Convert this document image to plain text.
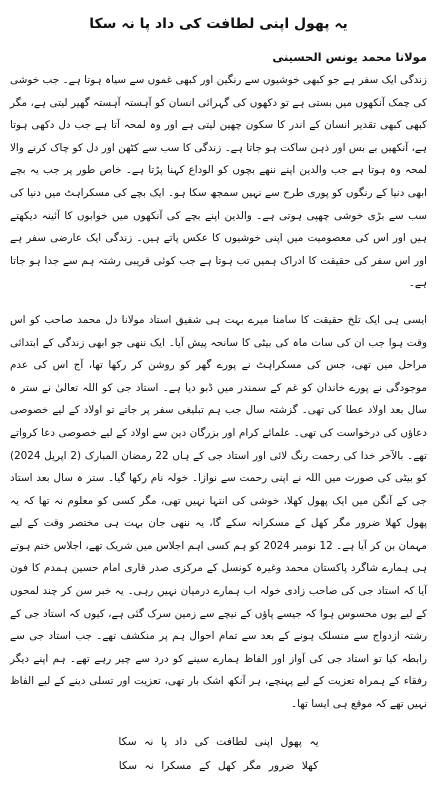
یہ پھول اپنی لطافت کی داد پا نہ سکا
مولانا محمد یونس الحسینی
زندگی ایک سفر ہے جو کبھی خوشیوں سے رنگین اور کبھی غموں سے سیاہ ہوتا ہے۔ جب خوشی کی چمک آنکھوں میں بستی ہے تو دکھوں کی گہرائی انسان کو آہستہ آہستہ گھیر لیتی ہے، مگر کبھی کبھی تقدیر انسان کے اندر کا سکون چھین لیتی ہے اور وہ لمحہ آتا ہے جب دل دکھی ہوتا ہے، آنکھیں بے بس اور ذہن ساکت ہو جاتا ہے۔ زندگی کا سب سے کٹھن اور دل کو چاک کرنے والا لمحہ وہ ہوتا ہے جب والدین اپنے ننھے بچوں کو الوداع کہنا پڑتا ہے۔ خاص طور پر جب یہ بچے ابھی دنیا کے رنگوں کو پوری طرح سے نہیں سمجھ سکا ہو۔ ایک بچے کی مسکراہٹ میں دنیا کی سب سے بڑی خوشی چھپی ہوتی ہے۔ والدین اپنے بچے کی آنکھوں میں خوابوں کا آئینہ دیکھتے ہیں اور اس کی معصومیت میں اپنی خوشیوں کا عکس پاتے ہیں۔ زندگی ایک عارضی سفر ہے اور اس سفر کی حقیقت کا ادراک ہمیں تب ہوتا ہے جب کوئی قریبی رشتہ ہم سے جدا ہو جاتا ہے۔
ایسی ہی ایک تلخ حقیقت کا سامنا میرے بہت ہی شفیق استاد مولانا دل محمد صاحب کو اس وقت ہوا جب ان کی سات ماہ کی بیٹی کا سانحہ پیش آیا۔ ایک ننھی جو ابھی زندگی کے ابتدائی مراحل میں تھی، جس کی مسکراہٹ نے پورے گھر کو روشن کر رکھا تھا، آج اس کی عدم موجودگی نے پورے خاندان کو غم کے سمندر میں ڈبو دیا ہے۔ استاد جی کو اللہ تعالیٰ نے ستر ہ سال بعد اولاد عطا کی تھی۔ گزشتہ سال جب ہم تبلیغی سفر پر جاتے تو اولاد کے لیے خصوصی دعاؤں کی درخواست کی تھی۔ علمائے کرام اور بزرگان دین سے اولاد کے لیے خصوصی دعا کرواتے تھے۔ بالآخر خدا کی رحمت رنگ لائی اور استاد جی کے ہاں 22 رمضان المبارک (2 اپریل 2024) کو بیٹی کی صورت میں اللہ نے اپنی رحمت سے نوازا۔ خولہ نام رکھا گیا۔ ستر ہ سال بعد استاد جی کے آنگن میں ایک پھول کھلا، خوشی کی انتہا نہیں تھی، مگر کسی کو معلوم نہ تھا کہ یہ پھول کھلا ضرور مگر کھل کے مسکرانہ سکے گا، یہ ننھی جان بہت ہی مختصر وقت کے لیے مہمان بن کر آیا ہے۔ 12 نومبر 2024 کو ہم کسی اہم اجلاس میں شریک تھے، اجلاس ختم ہوتے ہی ہمارے شاگرد پاکستان محمد وغیرہ کونسل کے مرکزی صدر قاری امام حسین ہمدم کا فون آیا کہ استاد جی کی صاحب زادی خولہ اب ہمارے درمیان نہیں رہی۔ یہ خبر سن کر چند لمحوں کے لیے یوں محسوس ہوا کہ جیسے پاؤں کے نیچے سے زمین سرک گئی ہے، کیوں کہ استاد جی کے رشتہ ازدواج سے منسلک ہونے کے بعد سے تمام احوال ہم پر منکشف تھے۔ جب استاد جی سے رابطہ کیا تو استاد جی کی آواز اور الفاظ ہمارے سینے کو درد سے چیر رہے تھے۔ ہم اپنے دیگر رفقاء کے ہمراہ تعزیت کے لیے پہنچے، ہر آنکھ اشک بار تھی، تعزیت اور تسلی دینے کے لیے الفاظ نہیں تھے کہ موقع ہی ایسا تھا۔
یہ پھول اپنی لطافت کی داد پا نہ سکا
کھلا ضرور مگر کھل کے مسکرا نہ سکا
